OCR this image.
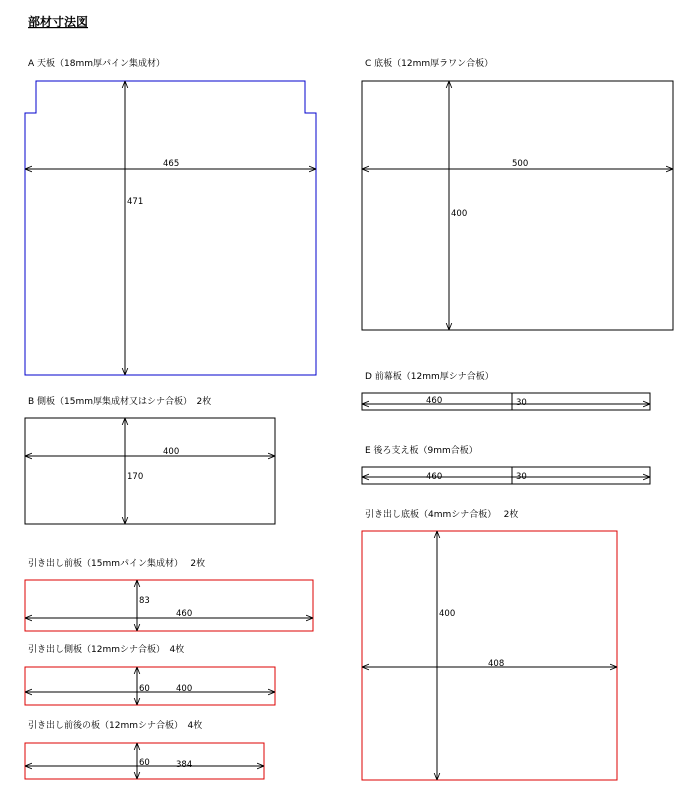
部材寸法図
A 天板（18mm厚パイン集成材）
465
471
B 側板（15mm厚集成材又はシナ合板）　2枚
400
170
C 底板（12mm厚ラワン合板）
500
400
D 前幕板（12mm厚シナ合板）
460	30
E 後ろ支え板（9mm合板）
460	30
引き出し前板（15mmパイン集成材）　 2枚
460
83
引き出し側板（12mmシナ合板）　4枚
400
60
引き出し前後の板（12mmシナ合板）　4枚
384
60
引き出し底板（4mmシナ合板）　 2枚
408
400
